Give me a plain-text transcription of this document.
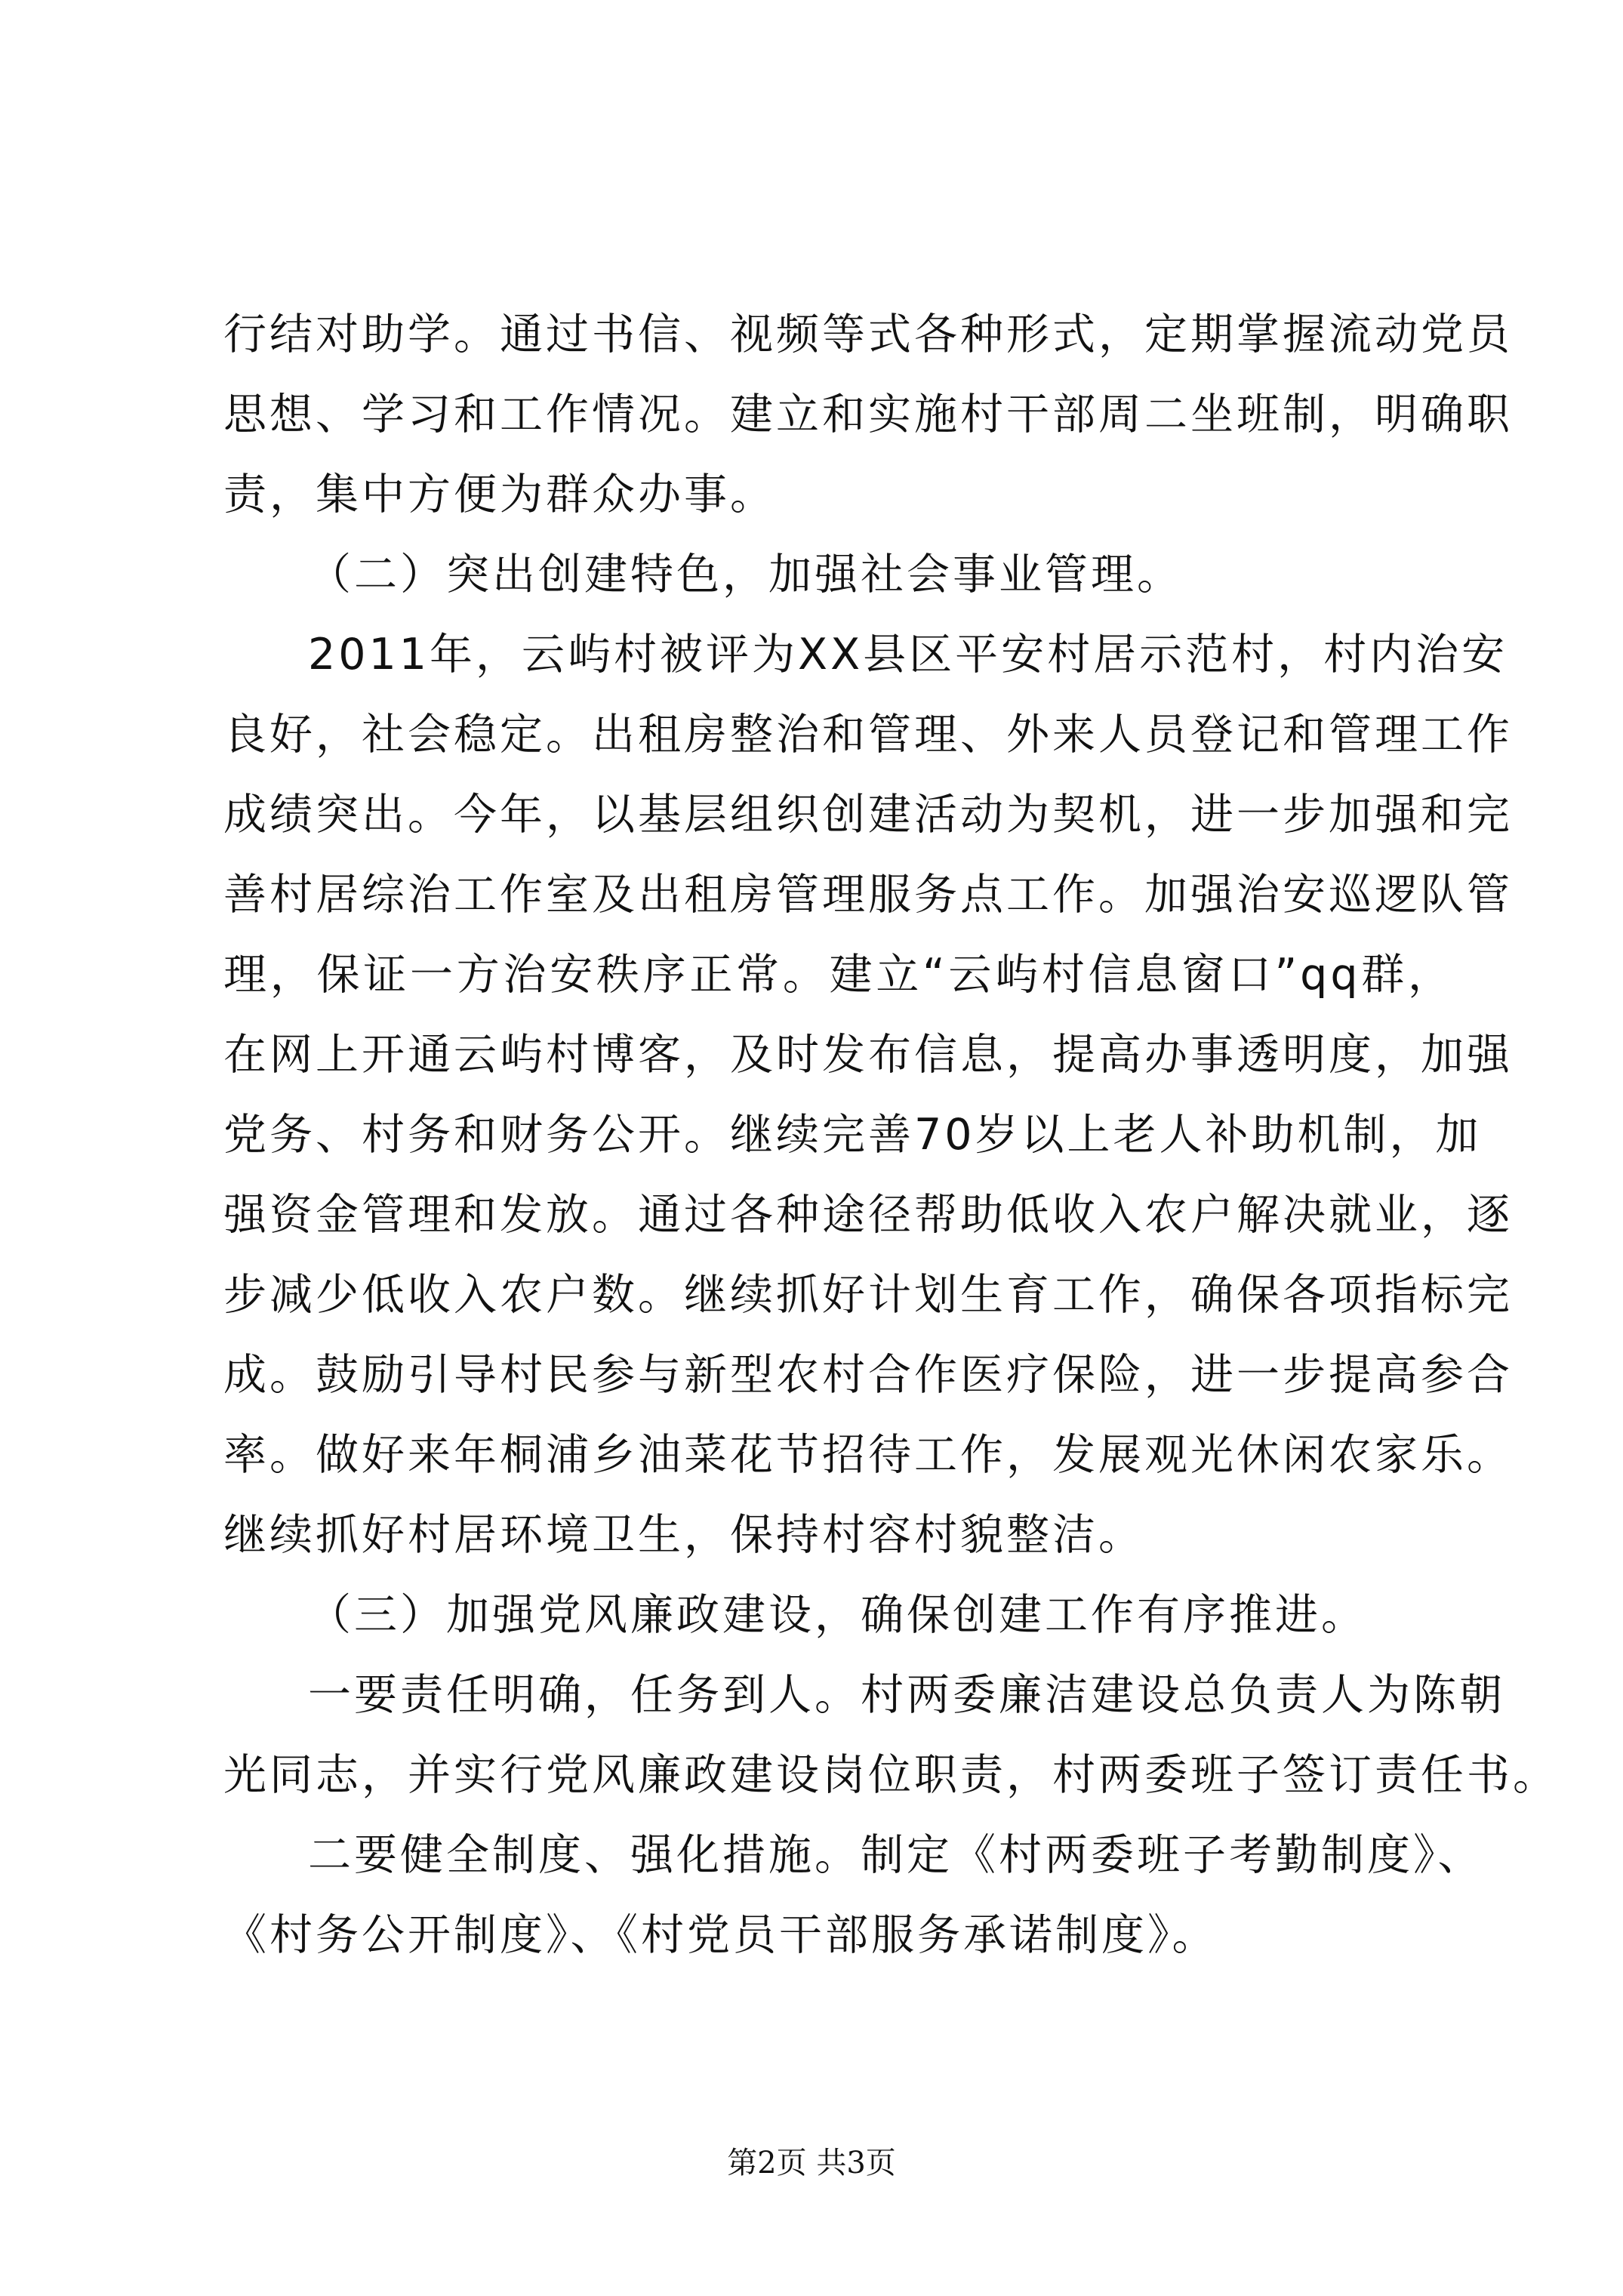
行结对助学。通过书信、视频等式各种形式，定期掌握流动党员
思想、学习和工作情况。建立和实施村干部周二坐班制，明确职
责，集中方便为群众办事。
（二）突出创建特色，加强社会事业管理。
2011年，云屿村被评为XX县区平安村居示范村，村内治安
良好，社会稳定。出租房整治和管理、外来人员登记和管理工作
成绩突出。今年，以基层组织创建活动为契机，进一步加强和完
善村居综治工作室及出租房管理服务点工作。加强治安巡逻队管
理，保证一方治安秩序正常。建立“云屿村信息窗口”qq群，
在网上开通云屿村博客，及时发布信息，提高办事透明度，加强
党务、村务和财务公开。继续完善70岁以上老人补助机制，加
强资金管理和发放。通过各种途径帮助低收入农户解决就业，逐
步减少低收入农户数。继续抓好计划生育工作，确保各项指标完
成。鼓励引导村民参与新型农村合作医疗保险，进一步提高参合
率。做好来年桐浦乡油菜花节招待工作，发展观光休闲农家乐。
继续抓好村居环境卫生，保持村容村貌整洁。
（三）加强党风廉政建设，确保创建工作有序推进。
一要责任明确，任务到人。村两委廉洁建设总负责人为陈朝
光同志，并实行党风廉政建设岗位职责，村两委班子签订责任书。
二要健全制度、强化措施。制定《村两委班子考勤制度》、
《村务公开制度》、《村党员干部服务承诺制度》。
第2页 共3页
